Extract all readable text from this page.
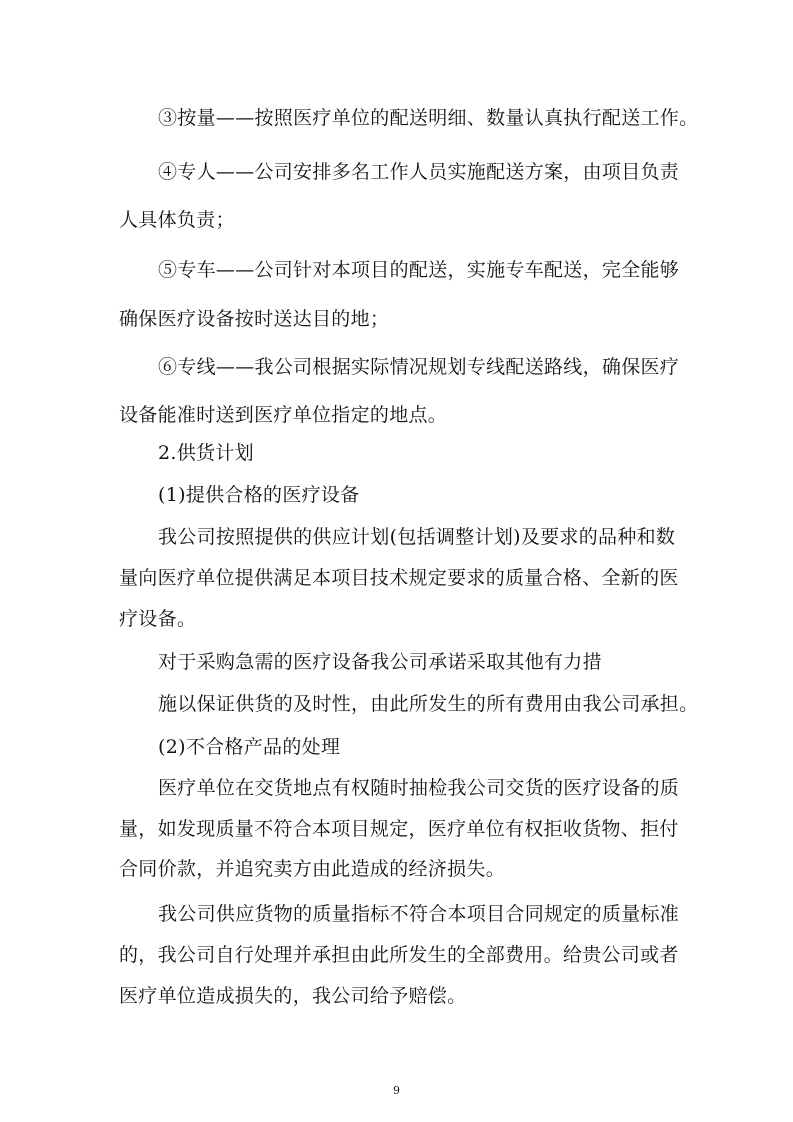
③按量——按照医疗单位的配送明细、数量认真执行配送工作。
④专人——公司安排多名工作人员实施配送方案，由项目负责
人具体负责；
⑤专车——公司针对本项目的配送，实施专车配送，完全能够
确保医疗设备按时送达目的地；
⑥专线——我公司根据实际情况规划专线配送路线，确保医疗
设备能准时送到医疗单位指定的地点。
2.供货计划
(1)提供合格的医疗设备
我公司按照提供的供应计划(包括调整计划)及要求的品种和数
量向医疗单位提供满足本项目技术规定要求的质量合格、全新的医
疗设备。
对于采购急需的医疗设备我公司承诺采取其他有力措
施以保证供货的及时性，由此所发生的所有费用由我公司承担。
(2)不合格产品的处理
医疗单位在交货地点有权随时抽检我公司交货的医疗设备的质
量，如发现质量不符合本项目规定，医疗单位有权拒收货物、拒付
合同价款，并追究卖方由此造成的经济损失。
我公司供应货物的质量指标不符合本项目合同规定的质量标准
的，我公司自行处理并承担由此所发生的全部费用。给贵公司或者
医疗单位造成损失的，我公司给予赔偿。
9
